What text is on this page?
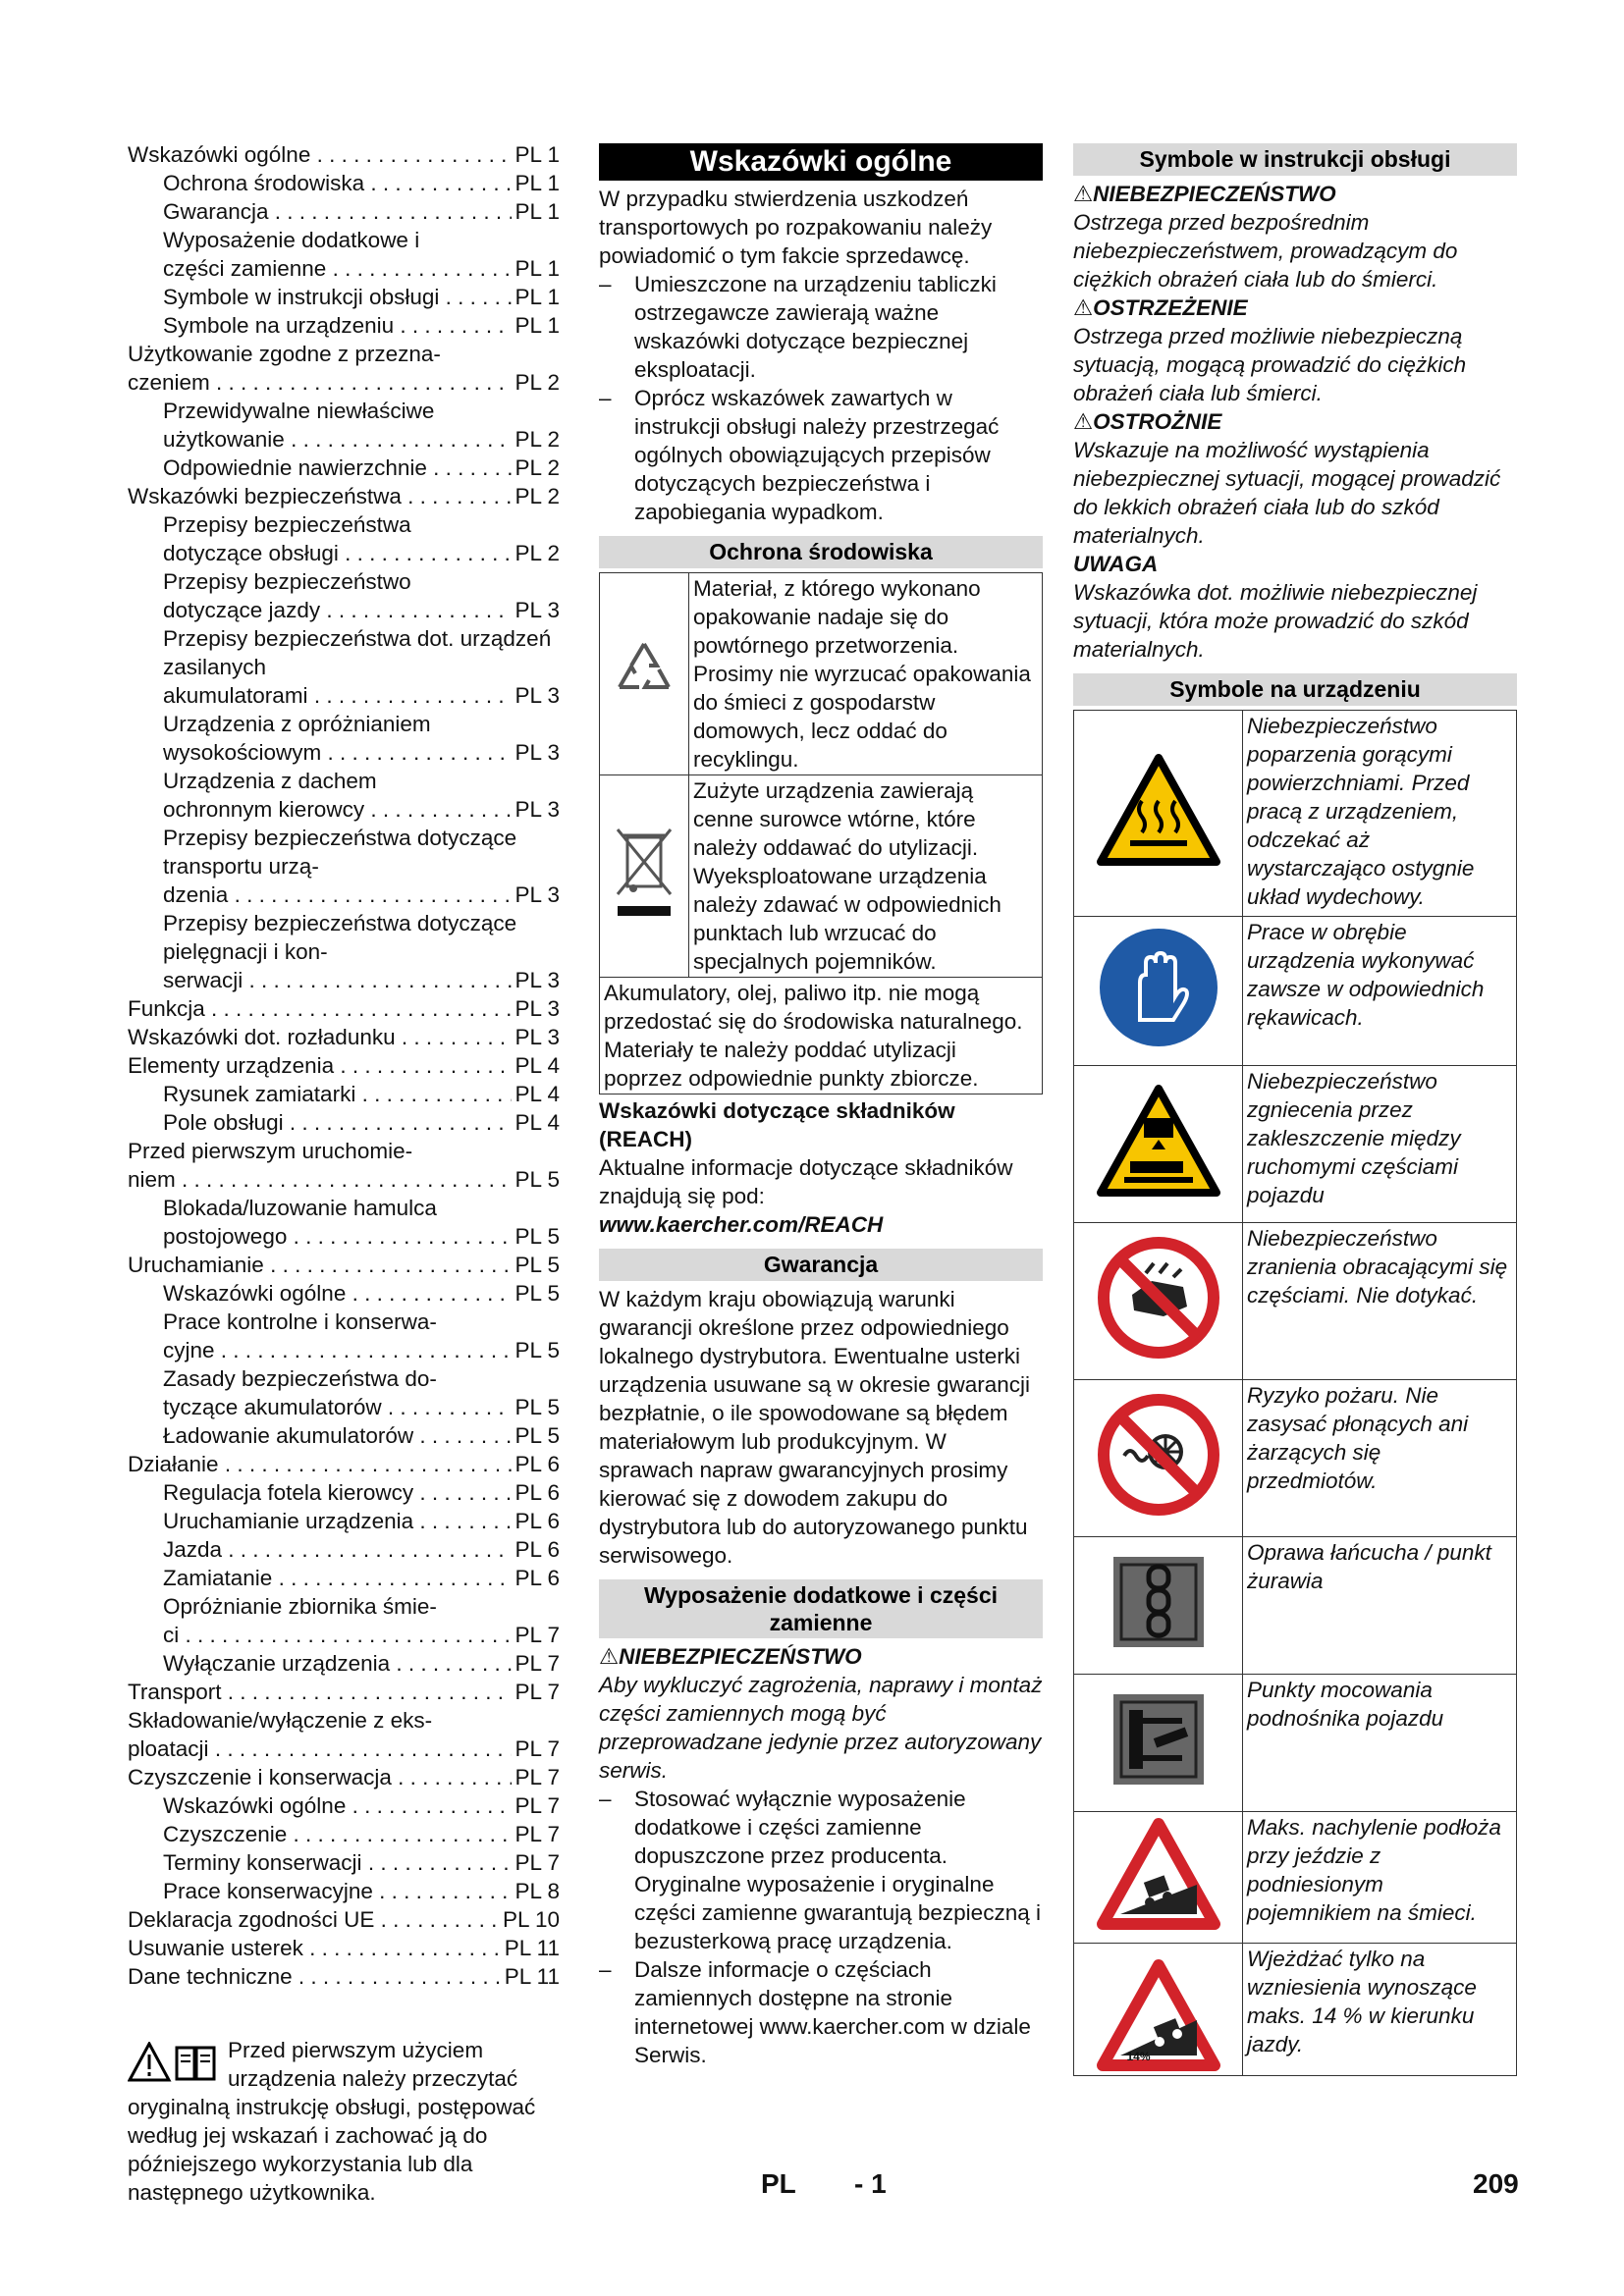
Wskazówki ogólne . . .	PL 1
Ochrona środowiska . . .	PL 1
Gwarancja . . .	PL 1
Wyposażenie dodatkowe i
części zamienne . . .	PL 1
Symbole w instrukcji obsługi . . .	PL 1
Symbole na urządzeniu . . .	PL 1
Użytkowanie zgodne z przezna-
czeniem . . .	PL 2
Przewidywalne niewłaściwe
użytkowanie . . .	PL 2
Odpowiednie nawierzchnie . . .	PL 2
Wskazówki bezpieczeństwa . . .	PL 2
Przepisy bezpieczeństwa
dotyczące obsługi . . .	PL 2
Przepisy bezpieczeństwo
dotyczące jazdy . . .	PL 3
Przepisy bezpieczeństwa dot. urządzeń zasilanych
akumulatorami . . .	PL 3
Urządzenia z opróżnianiem
wysokościowym . . .	PL 3
Urządzenia z dachem
ochronnym kierowcy . . .	PL 3
Przepisy bezpieczeństwa dotyczące transportu urzą-
dzenia . . .	PL 3
Przepisy bezpieczeństwa dotyczące pielęgnacji i kon-
serwacji . . .	PL 3
Funkcja . . .	PL 3
Wskazówki dot. rozładunku . . .	PL 3
Elementy urządzenia . . .	PL 4
Rysunek zamiatarki . . .	PL 4
Pole obsługi . . .	PL 4
Przed pierwszym uruchomie-
niem . . .	PL 5
Blokada/luzowanie hamulca
postojowego . . .	PL 5
Uruchamianie . . .	PL 5
Wskazówki ogólne . . .	PL 5
Prace kontrolne i konserwa-
cyjne . . .	PL 5
Zasady bezpieczeństwa do-
tyczące akumulatorów . . .	PL 5
Ładowanie akumulatorów . . .	PL 5
Działanie . . .	PL 6
Regulacja fotela kierowcy . . .	PL 6
Uruchamianie urządzenia . . .	PL 6
Jazda . . .	PL 6
Zamiatanie . . .	PL 6
Opróżnianie zbiornika śmie-
ci . . .	PL 7
Wyłączanie urządzenia . . .	PL 7
Transport . . .	PL 7
Składowanie/wyłączenie z eks-
ploatacji . . .	PL 7
Czyszczenie i konserwacja . . .	PL 7
Wskazówki ogólne . . .	PL 7
Czyszczenie . . .	PL 7
Terminy konserwacji . . .	PL 7
Prace konserwacyjne . . .	PL 8
Deklaracja zgodności UE . . .	PL 10
Usuwanie usterek . . .	PL 11
Dane techniczne . . .	PL 11
Przed pierwszym użyciem urządzenia należy przeczytać oryginalną instrukcję obsługi, postępować według jej wskazań i zachować ją do późniejszego wykorzystania lub dla następnego użytkownika.
Wskazówki ogólne

W przypadku stwierdzenia uszkodzeń transportowych po rozpakowaniu należy powiadomić o tym fakcie sprzedawcę.

–	Umieszczone na urządzeniu tabliczki ostrzegawcze zawierają ważne wskazówki dotyczące bezpiecznej eksploatacji.
–	Oprócz wskazówek zawartych w instrukcji obsługi należy przestrzegać ogólnych obowiązujących przepisów dotyczących bezpieczeństwa i zapobiegania wypadkom.
Ochrona środowiska
	Materiał, z którego wykonano opakowanie nadaje się do powtórnego przetworzenia. Prosimy nie wyrzucać opakowania do śmieci z gospodarstw domowych, lecz oddać do recyklingu.
	Zużyte urządzenia zawierają cenne surowce wtórne, które należy oddawać do utylizacji. Wyeksploatowane urządzenia należy zdawać w odpowiednich punktach lub wrzucać do specjalnych pojemników.
Akumulatory, olej, paliwo itp. nie mogą przedostać się do środowiska naturalnego. Materiały te należy poddać utylizacji poprzez odpowiednie punkty zbiorcze.	

Wskazówki dotyczące składników (REACH)

Aktualne informacje dotyczące składników znajdują się pod:

www.kaercher.com/REACH

Gwarancja

W każdym kraju obowiązują warunki gwarancji określone przez odpowiedniego lokalnego dystrybutora. Ewentualne usterki urządzenia usuwane są w okresie gwarancji bezpłatnie, o ile spowodowane są błędem materiałowym lub produkcyjnym. W sprawach napraw gwarancyjnych prosimy kierować się z dowodem zakupu do dystrybutora lub do autoryzowanego punktu serwisowego.

Wyposażenie dodatkowe i części zamienne

⚠NIEBEZPIECZEŃSTWO

Aby wykluczyć zagrożenia, naprawy i montaż części zamiennych mogą być przeprowadzane jedynie przez autoryzowany serwis.

–	Stosować wyłącznie wyposażenie dodatkowe i części zamienne dopuszczone przez producenta. Oryginalne wyposażenie i oryginalne części zamienne gwarantują bezpieczną i bezusterkową pracę urządzenia.
–	Dalsze informacje o częściach zamiennych dostępne na stronie internetowej www.kaercher.com w dziale Serwis.
Symbole w instrukcji obsługi

⚠NIEBEZPIECZEŃSTWO

Ostrzega przed bezpośrednim niebezpieczeństwem, prowadzącym do ciężkich obrażeń ciała lub do śmierci.

⚠OSTRZEŻENIE

Ostrzega przed możliwie niebezpieczną sytuacją, mogącą prowadzić do ciężkich obrażeń ciała lub śmierci.

⚠OSTROŻNIE

Wskazuje na możliwość wystąpienia niebezpiecznej sytuacji, mogącej prowadzić do lekkich obrażeń ciała lub do szkód materialnych.

UWAGA

Wskazówka dot. możliwie niebezpiecznej sytuacji, która może prowadzić do szkód materialnych.

Symbole na urządzeniu
	Niebezpieczeństwo poparzenia gorącymi powierzchniami. Przed pracą z urządzeniem, odczekać aż wystarczająco ostygnie układ wydechowy.
	Prace w obrębie urządzenia wykonywać zawsze w odpowiednich rękawicach.
	Niebezpieczeństwo zgniecenia przez zakleszczenie między ruchomymi częściami pojazdu
	Niebezpieczeństwo zranienia obracającymi się częściami. Nie dotykać.
	Ryzyko pożaru. Nie zasysać płonących ani żarzących się przedmiotów.
	Oprawa łańcucha / punkt żurawia
	Punkty mocowania podnośnika pojazdu
	Maks. nachylenie podłoża przy jeździe z podniesionym pojemnikiem na śmieci.

14%	Wjeżdżać tylko na wzniesienia wynoszące maks. 14 % w kierunku jazdy.
PL - 1	209
